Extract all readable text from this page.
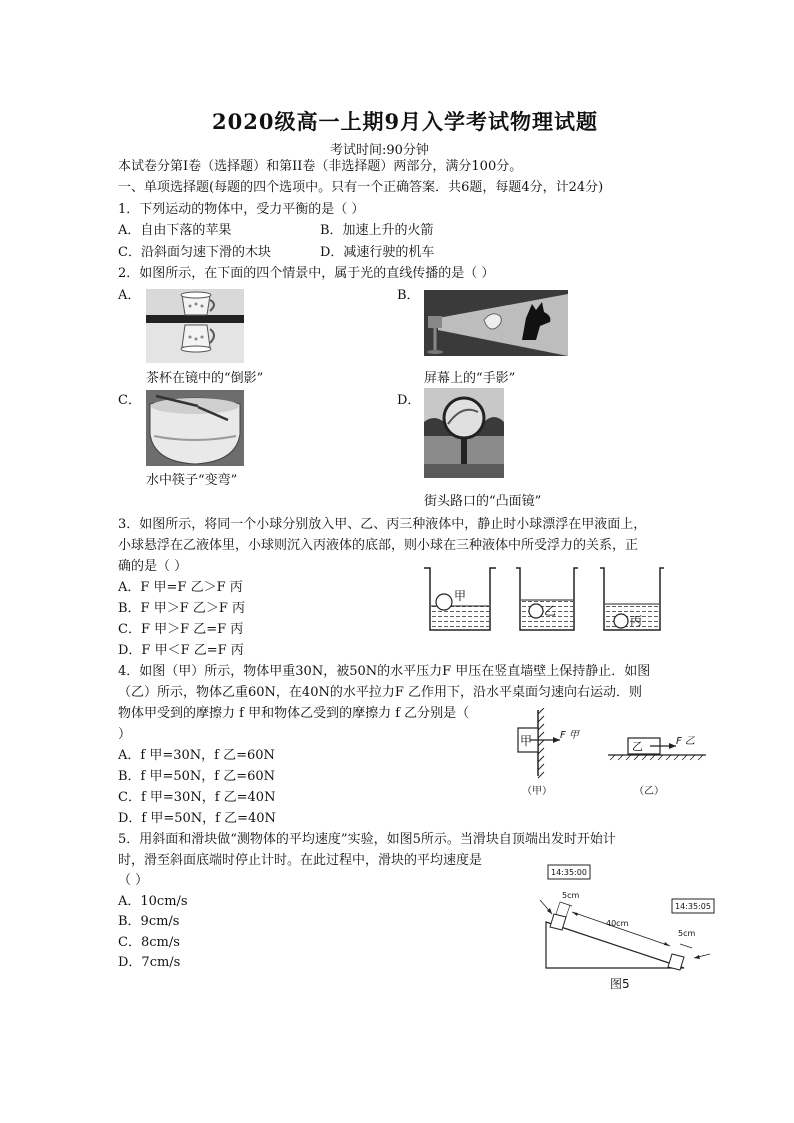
2020级高一上期9月入学考试物理试题
考试时间:90分钟
本试卷分第Ⅰ卷（选择题）和第II卷（非选择题）两部分，满分100分。
一、单项选择题(每题的四个选项中。只有一个正确答案．共6题，每题4分，计24分)
1．下列运动的物体中，受力平衡的是（ ）
A．自由下落的苹果	B．加速上升的火箭
C．沿斜面匀速下滑的木块	D．减速行驶的机车
2．如图所示，在下面的四个情景中，属于光的直线传播的是（ ）
A．	B．
茶杯在镜中的“倒影”	屏幕上的“手影”
C．	D．
水中筷子“变弯”
街头路口的“凸面镜”
3．如图所示，将同一个小球分别放入甲、乙、丙三种液体中，静止时小球漂浮在甲液面上，
小球悬浮在乙液体里，小球则沉入丙液体的底部，则小球在三种液体中所受浮力的关系，正
确的是（ ）
A．F 甲=F 乙＞F 丙
B．F 甲＞F 乙＞F 丙
C．F 甲＞F 乙=F 丙
D．F 甲＜F 乙=F 丙
甲
乙
丙
4．如图（甲）所示，物体甲重30N，被50N的水平压力F 甲压在竖直墙壁上保持静止．如图
（乙）所示，物体乙重60N，在40N的水平拉力F 乙作用下，沿水平桌面匀速向右运动．则
物体甲受到的摩擦力 f 甲和物体乙受到的摩擦力 f 乙分别是（
）
A．f 甲=30N，f 乙=60N
B．f 甲=50N，f 乙=60N
C．f 甲=30N，f 乙=40N
D．f 甲=50N，f 乙=40N
甲	F 甲
（甲）
乙	F 乙
（乙）
5．用斜面和滑块做“测物体的平均速度”实验，如图5所示。当滑块自顶端出发时开始计
时，滑至斜面底端时停止计时。在此过程中，滑块的平均速度是
（ ）
A．10cm/s
B．9cm/s
C．8cm/s
D．7cm/s
14:35:00
14:35:05
5cm
40cm
5cm
图5
